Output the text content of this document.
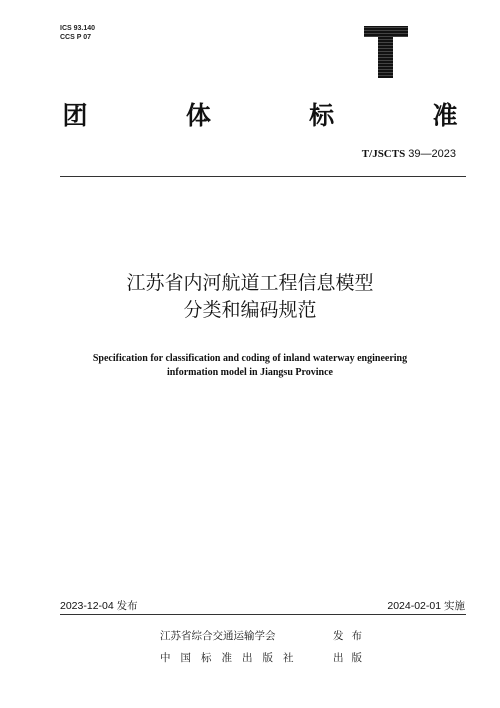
ICS 93.140
CCS P 07
团	体	标	准
T/JSCTS 39—2023
江苏省内河航道工程信息模型
分类和编码规范
Specification for classification and coding of inland waterway engineering
information model in Jiangsu Province
2023-12-04 发布	2024-02-01 实施
江苏省综合交通运输学会	发布
中国标准出版社	出版
